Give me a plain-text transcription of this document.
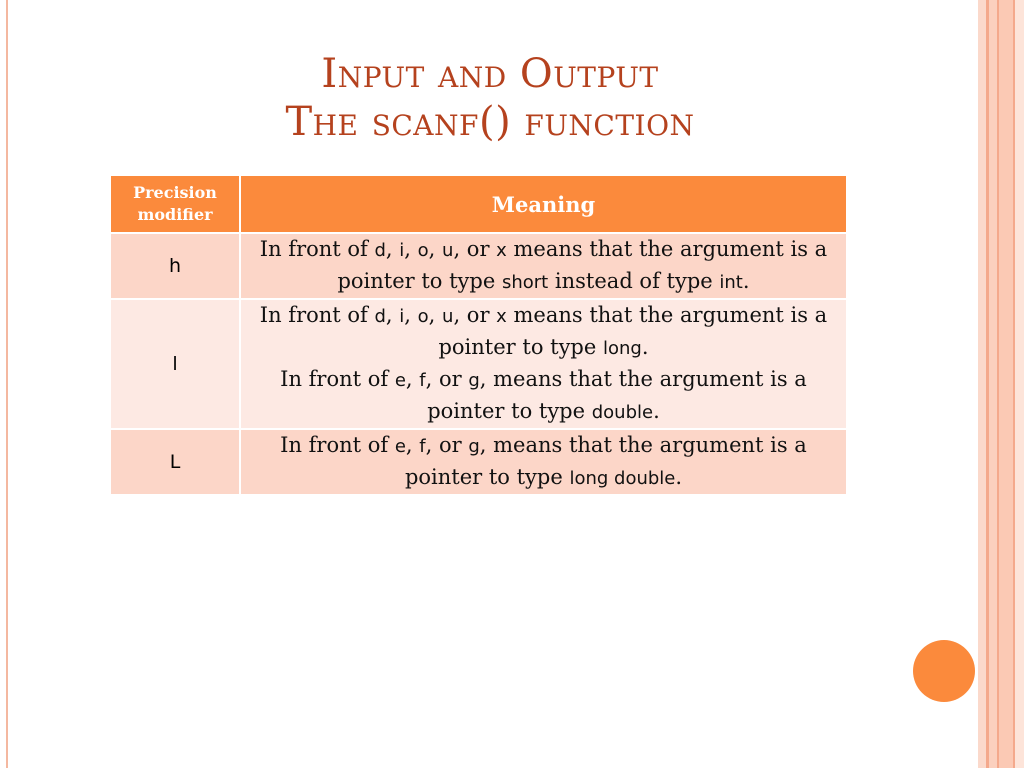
Input and Output
The scanf() function
Precision modifier	Meaning
h	In front of d, i, o, u, or x means that the argument is a pointer to type short instead of type int.

l	In front of d, i, o, u, or x means that the argument is a pointer to type long.
In front of e, f, or g, means that the argument is a pointer to type double.

L	In front of e, f, or g, means that the argument is a pointer to type long double.
